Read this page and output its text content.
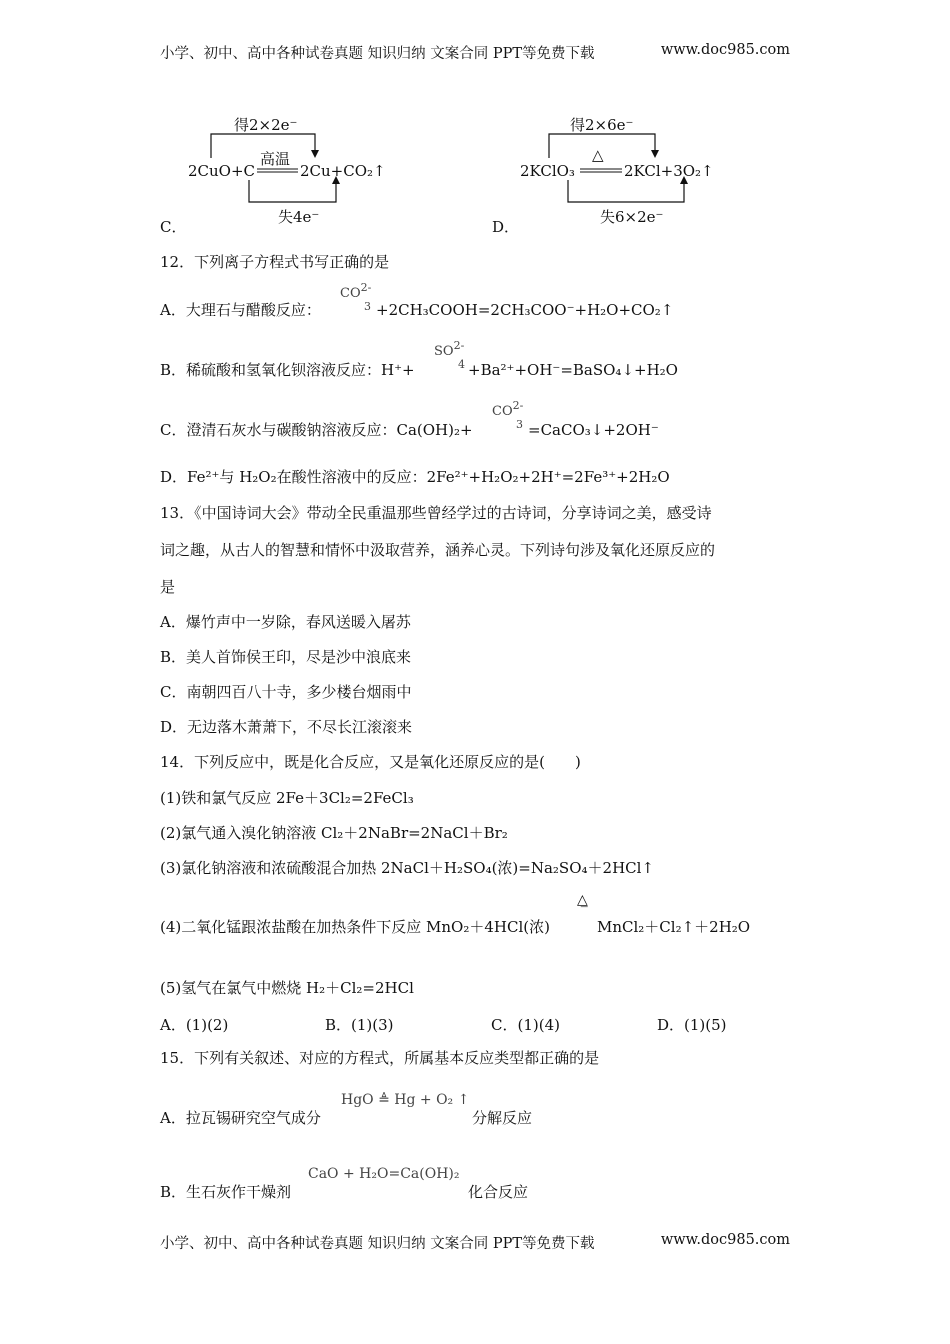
小学、初中、高中各种试卷真题 知识归纳 文案合同 PPT等免费下载	www.doc985.com
得2×2e⁻
高温
2CuO+C	2Cu+CO₂↑
失4e⁻
C．
得2×6e⁻
△
2KClO₃	2KCl+3O₂↑
失6×2e⁻
D．
12．下列离子方程式书写正确的是
A．大理石与醋酸反应：
$CO^{2-}$
3 +2CH₃COOH=2CH₃COO⁻+H₂O+CO₂↑
B．稀硫酸和氢氧化钡溶液反应：H⁺+
$SO^{2-}$
4 +Ba²⁺+OH⁻=BaSO₄↓+H₂O
C．澄清石灰水与碳酸钠溶液反应：Ca(OH)₂+
$CO^{2-}$
3 =CaCO₃↓+2OH⁻
D．Fe²⁺与 H₂O₂在酸性溶液中的反应：2Fe²⁺+H₂O₂+2H⁺=2Fe³⁺+2H₂O
13．《中国诗词大会》带动全民重温那些曾经学过的古诗词，分享诗词之美，感受诗
词之趣，从古人的智慧和情怀中汲取营养，涵养心灵。下列诗句涉及氧化还原反应的
是
A．爆竹声中一岁除，春风送暖入屠苏
B．美人首饰侯王印，尽是沙中浪底来
C．南朝四百八十寺，多少楼台烟雨中
D．无边落木萧萧下，不尽长江滚滚来
14．下列反应中，既是化合反应，又是氧化还原反应的是(　　)
(1)铁和氯气反应 2Fe＋3Cl₂=2FeCl₃
(2)氯气通入溴化钠溶液 Cl₂＋2NaBr=2NaCl＋Br₂
(3)氯化钠溶液和浓硫酸混合加热 2NaCl＋H₂SO₄(浓)=Na₂SO₄＋2HCl↑
(4)二氧化锰跟浓盐酸在加热条件下反应 MnO₂＋4HCl(浓)
△̲
MnCl₂＋Cl₂↑＋2H₂O
(5)氢气在氯气中燃烧 H₂＋Cl₂=2HCl
A．(1)(2)	B．(1)(3)	C．(1)(4)	D．(1)(5)
15．下列有关叙述、对应的方程式，所属基本反应类型都正确的是
A．拉瓦锡研究空气成分
HgO ≜ Hg + O₂ ↑
分解反应
B．生石灰作干燥剂
CaO + H₂O=Ca(OH)₂
化合反应
小学、初中、高中各种试卷真题 知识归纳 文案合同 PPT等免费下载	www.doc985.com
